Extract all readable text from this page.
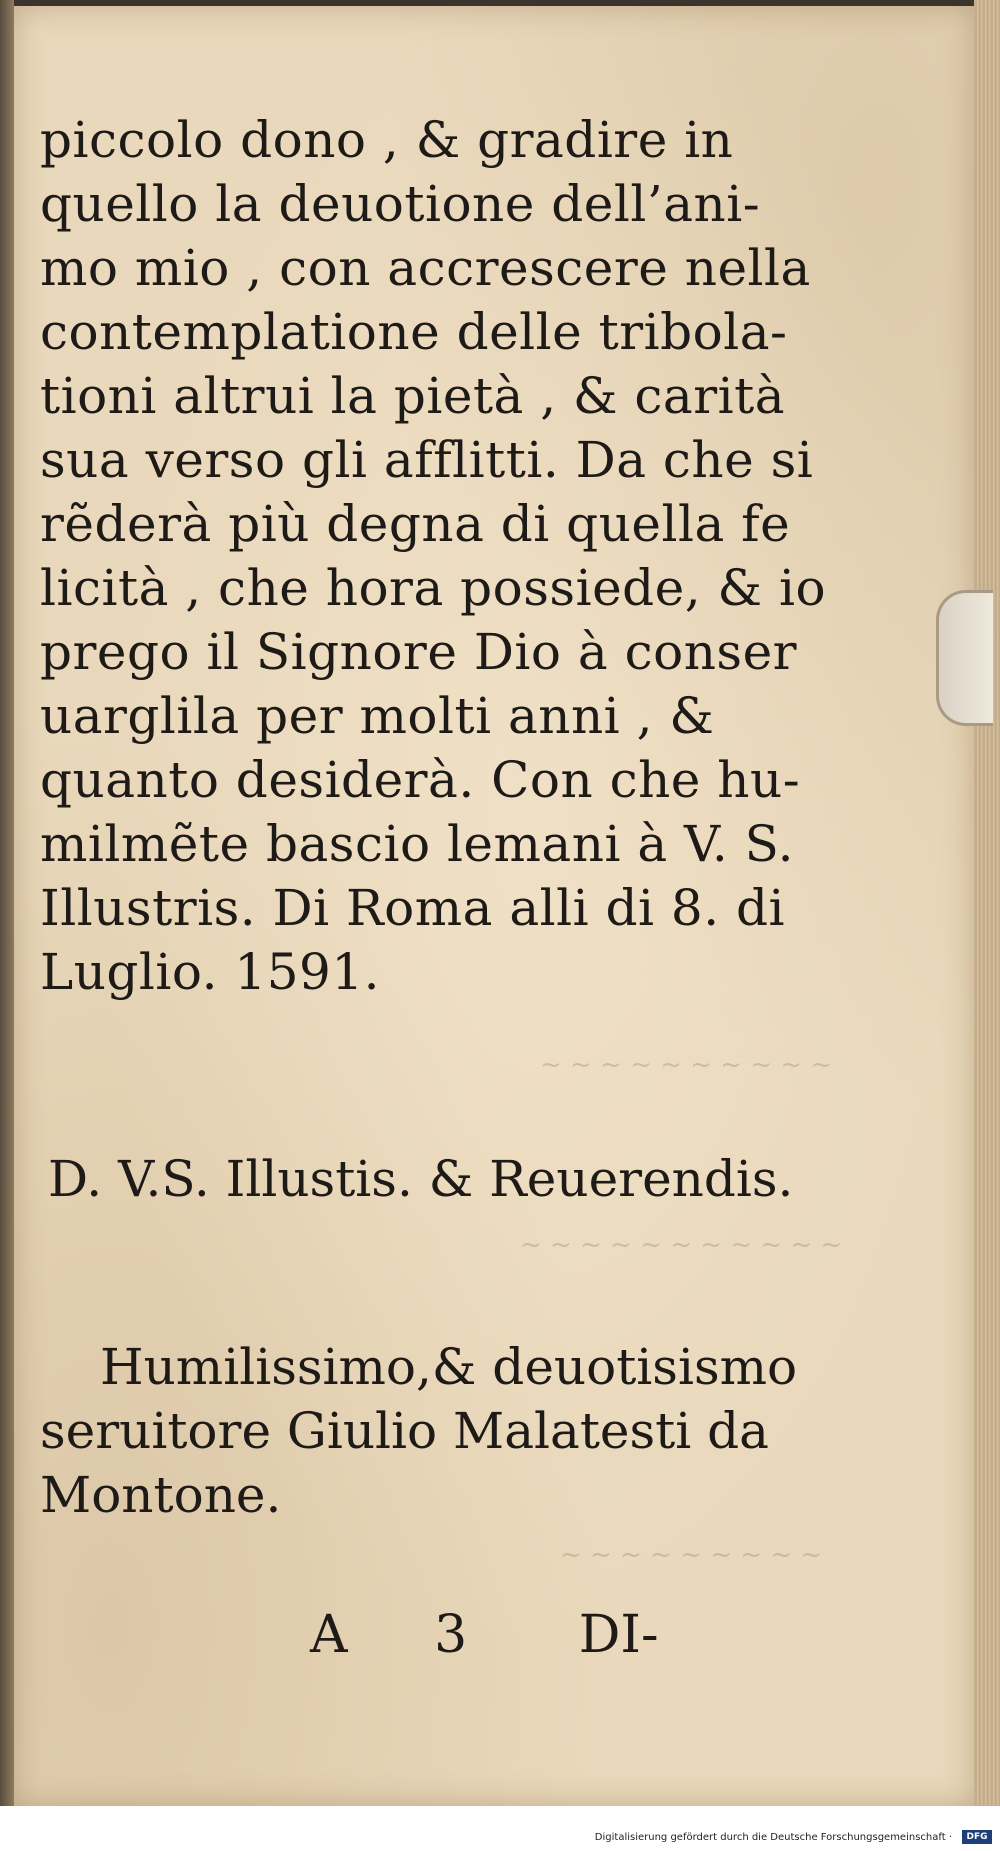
~ ~ ~ ~ ~ ~ ~ ~ ~ ~
~ ~ ~ ~ ~ ~ ~ ~ ~ ~ ~
~ ~ ~ ~ ~ ~ ~ ~ ~
piccolo dono , & gradire in
quello la deuotione dell’ani-
mo mio , con accrescere nella
contemplatione delle tribola-
tioni altrui la pietà , & carità
sua verso gli afflitti. Da che si
rẽderà più degna di quella fe
licità , che hora possiede, & io
prego il Signore Dio à conser
uarglila per molti anni , &
quanto desiderà. Con che hu-
milmẽte bascio lemani à V. S.
Illustris. Di Roma alli di 8. di
Luglio. 1591.
D. V.S. Illustis. & Reuerendis.
Humilissimo,& deuotisismo
seruitore Giulio Malatesti da
Montone.
A 3 DI-
Digitalisierung gefördert durch die Deutsche Forschungsgemeinschaft ·	DFG
